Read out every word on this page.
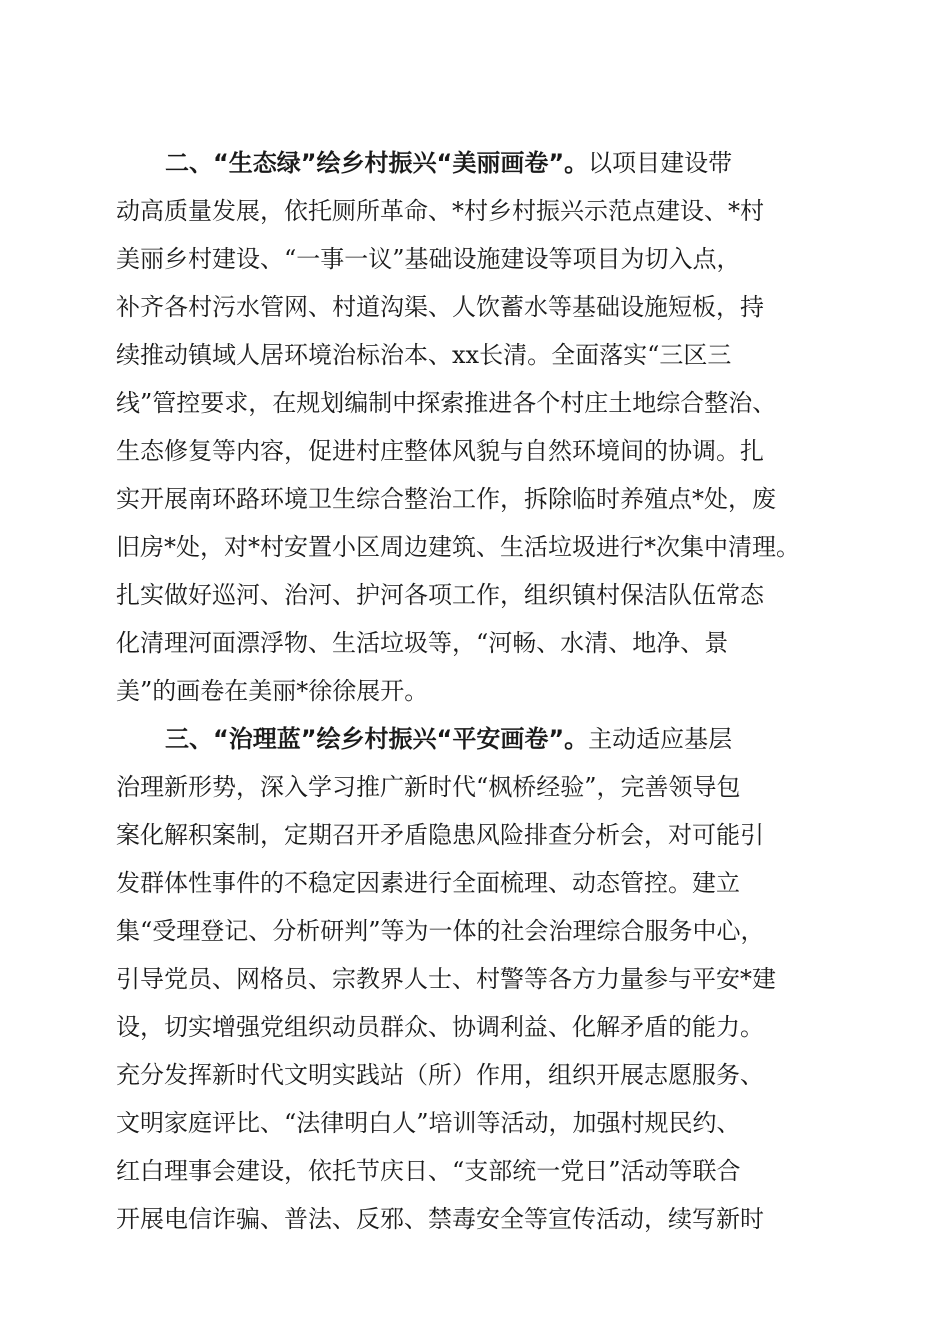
二、“生态绿”绘乡村振兴“美丽画卷”。以项目建设带
动高质量发展，依托厕所革命、*村乡村振兴示范点建设、*村
美丽乡村建设、“一事一议”基础设施建设等项目为切入点，
补齐各村污水管网、村道沟渠、人饮蓄水等基础设施短板，持
续推动镇域人居环境治标治本、xx长清。全面落实“三区三
线”管控要求，在规划编制中探索推进各个村庄土地综合整治、
生态修复等内容，促进村庄整体风貌与自然环境间的协调。扎
实开展南环路环境卫生综合整治工作，拆除临时养殖点*处，废
旧房*处，对*村安置小区周边建筑、生活垃圾进行*次集中清理。
扎实做好巡河、治河、护河各项工作，组织镇村保洁队伍常态
化清理河面漂浮物、生活垃圾等，“河畅、水清、地净、景
美”的画卷在美丽*徐徐展开。
三、“治理蓝”绘乡村振兴“平安画卷”。主动适应基层
治理新形势，深入学习推广新时代“枫桥经验”，完善领导包
案化解积案制，定期召开矛盾隐患风险排查分析会，对可能引
发群体性事件的不稳定因素进行全面梳理、动态管控。建立
集“受理登记、分析研判”等为一体的社会治理综合服务中心，
引导党员、网格员、宗教界人士、村警等各方力量参与平安*建
设，切实增强党组织动员群众、协调利益、化解矛盾的能力。
充分发挥新时代文明实践站（所）作用，组织开展志愿服务、
文明家庭评比、“法律明白人”培训等活动，加强村规民约、
红白理事会建设，依托节庆日、“支部统一党日”活动等联合
开展电信诈骗、普法、反邪、禁毒安全等宣传活动，续写新时
